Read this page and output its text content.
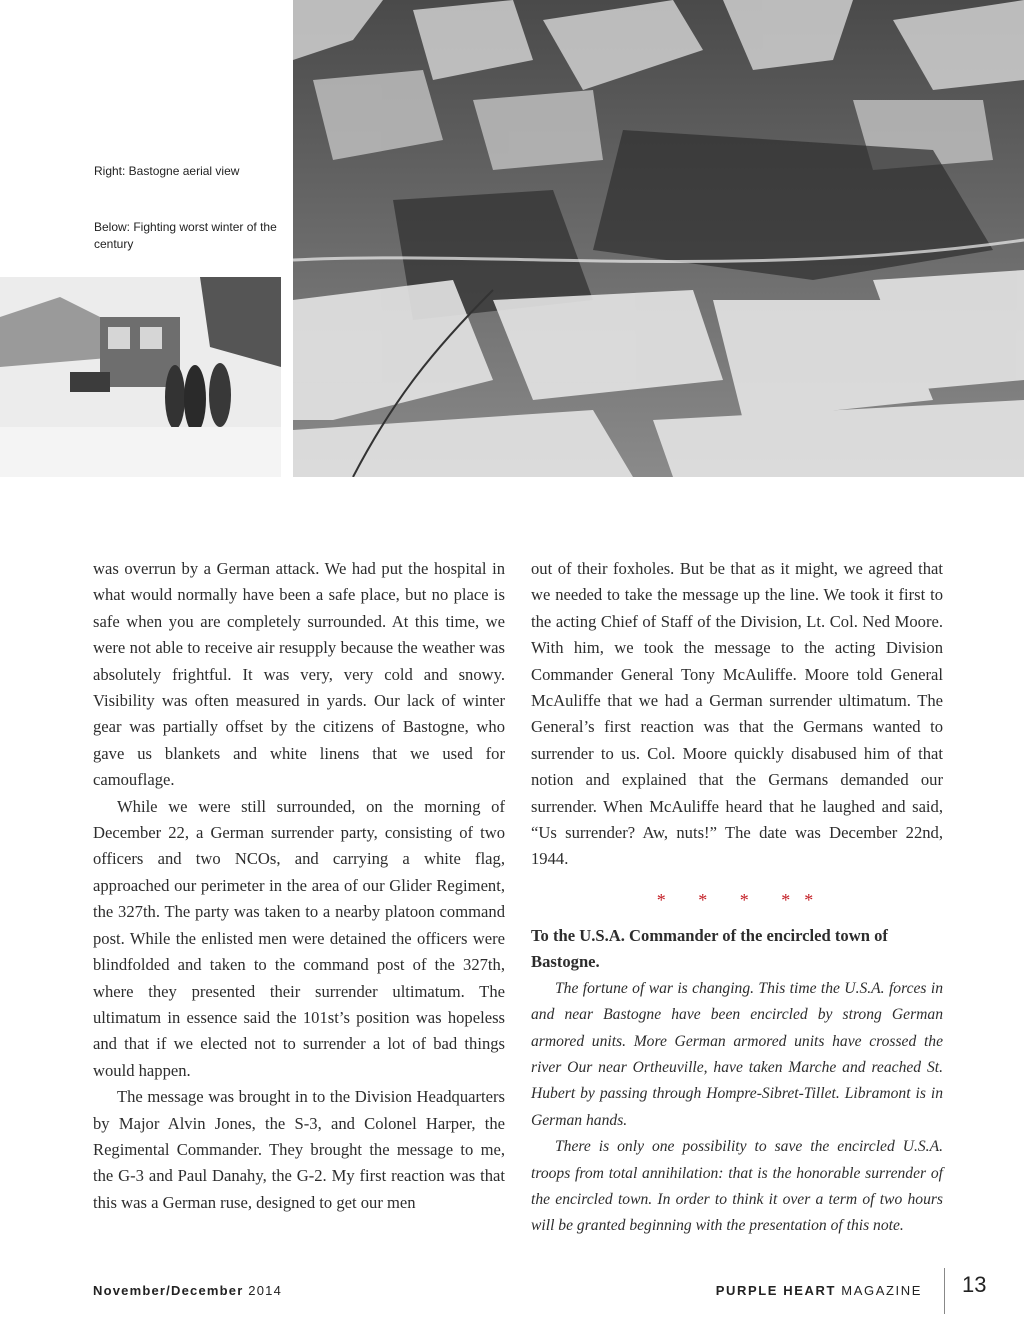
Right: Bastogne aerial view
Below: Fighting worst winter of the century

was overrun by a German attack. We had put the hospital in what would normally have been a safe place, but no place is safe when you are completely surrounded. At this time, we were not able to receive air resupply because the weather was absolutely frightful. It was very, very cold and snowy. Visibility was often measured in yards. Our lack of winter gear was partially offset by the citizens of Bastogne, who gave us blankets and white linens that we used for camouflage.

While we were still surrounded, on the morning of December 22, a German surrender party, consisting of two officers and two NCOs, and carrying a white flag, approached our perimeter in the area of our Glider Regiment, the 327th. The party was taken to a nearby platoon command post. While the enlisted men were detained the officers were blindfolded and taken to the command post of the 327th, where they presented their surrender ultimatum. The ultimatum in essence said the 101st’s position was hopeless and that if we elected not to surrender a lot of bad things would happen.

The message was brought in to the Division Headquarters by Major Alvin Jones, the S-3, and Colonel Harper, the Regimental Commander. They brought the message to me, the G-3 and Paul Danahy, the G-2. My first reaction was that this was a German ruse, designed to get our men

out of their foxholes. But be that as it might, we agreed that we needed to take the message up the line. We took it first to the acting Chief of Staff of the Division, Lt. Col. Ned Moore. With him, we took the message to the acting Division Commander General Tony McAuliffe. Moore told General McAuliffe that we had a German surrender ultimatum. The General’s first reaction was that the Germans wanted to surrender to us. Col. Moore quickly disabused him of that notion and explained that the Germans demanded our surrender. When McAuliffe heard that he laughed and said, “Us surrender? Aw, nuts!” The date was December 22nd, 1944.

* * * **

To the U.S.A. Commander of the encircled town of Bastogne.

The fortune of war is changing. This time the U.S.A. forces in and near Bastogne have been encircled by strong German armored units. More German armored units have crossed the river Our near Ortheuville, have taken Marche and reached St. Hubert by passing through Hompre-Sibret-Tillet. Libramont is in German hands.

There is only one possibility to save the encircled U.S.A. troops from total annihilation: that is the honorable surrender of the encircled town. In order to think it over a term of two hours will be granted beginning with the presentation of this note.

November/December 2014	PURPLE HEART MAGAZINE 13
